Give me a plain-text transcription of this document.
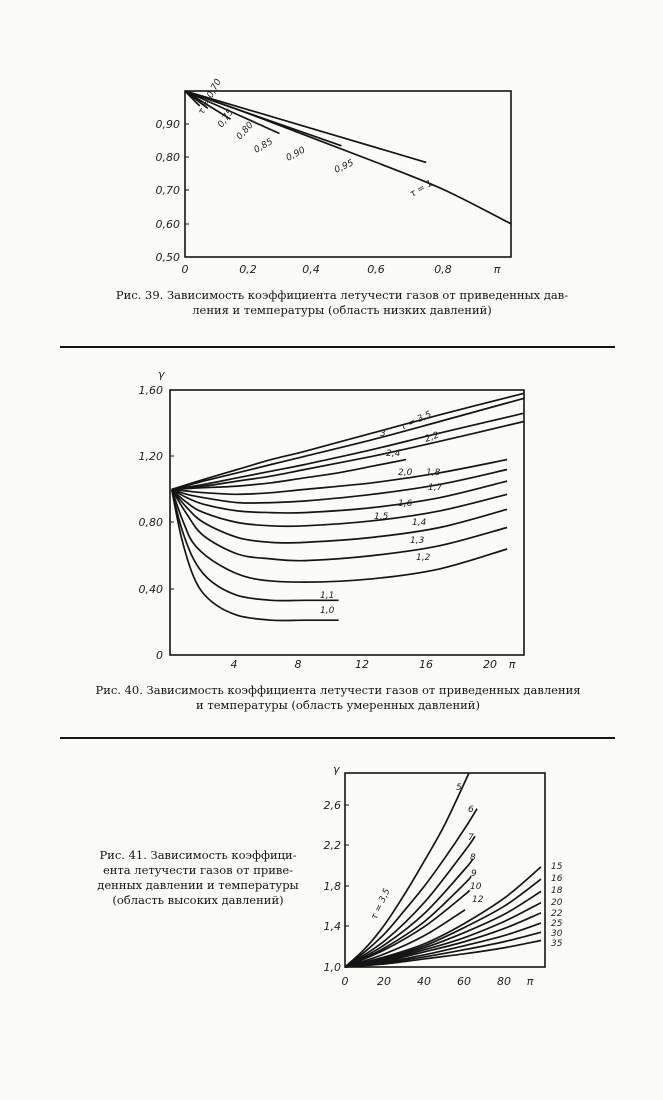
0	0,2	0,4	0,6	0,8	π
0,50
0,60
0,70
0,80
0,90
τ = 0,70
0,75
0,80
0,85 0,90
0,95
τ = 1
γ
4	8	12	16	20 π
0
0,40
0,80
1,20
1,60
τ = 3,5
3
2,4
2,2
2,0 1,8
1,7
1,6
1,5
1,4
1,3
1,2
1,1
1,0
γ
0	20 40 60 80 π
1,0
1,4
1,8
2,2
2,6
τ = 3,5
5
6
7
8
9
10
12
15
16
18
20
22
25
30
35
Рис. 39. Зависимость коэффициента летучести газов от приведенных дав-
ления и температуры (область низких давлений)
Рис. 40. Зависимость коэффициента летучести газов от приведенных давления
и температуры (область умеренных давлений)
Рис. 41. Зависимость коэффици-
ента летучести газов от приве-
денных давлении и температуры
(область высоких давлений)
